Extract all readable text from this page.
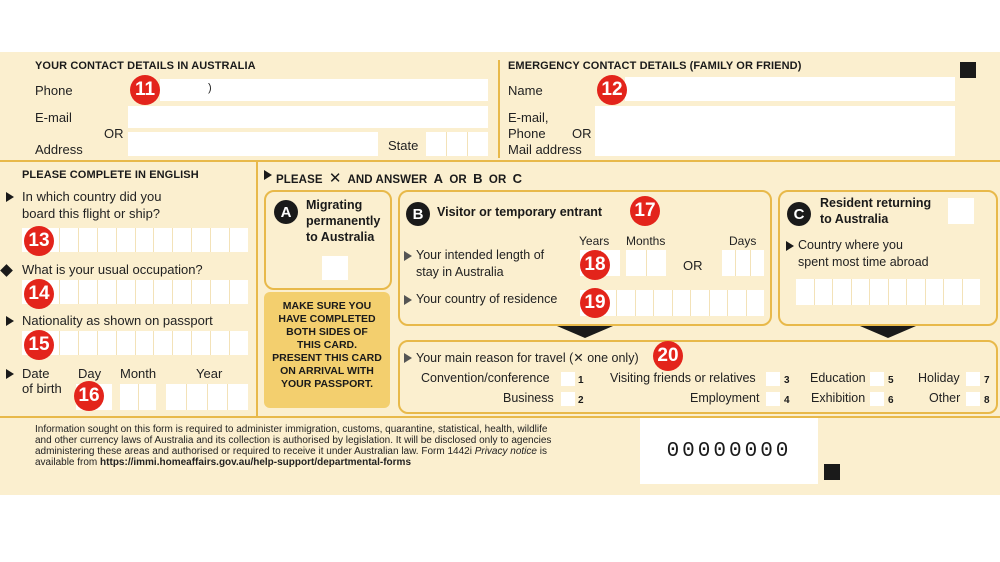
YOUR CONTACT DETAILS IN AUSTRALIA
Phone	)
11
E-mail
OR
Address	State
EMERGENCY CONTACT DETAILS (FAMILY OR FRIEND)
Name	12
E-mail,
Phone OR
Mail address
PLEASE COMPLETE IN ENGLISH
In which country did you
board this flight or ship?
13
What is your usual occupation?
14
Nationality as shown on passport
15
Date
of birth
Day Month	Year
16
PLEASE ✕ AND ANSWER A OR B OR C
A	Migrating
permanently
to Australia
MAKE SURE YOU
HAVE COMPLETED
BOTH SIDES OF
THIS CARD.
PRESENT THIS CARD
ON ARRIVAL WITH
YOUR PASSPORT.
B	Visitor or temporary entrant 17
Years Months	Days
Your intended length of
stay in Australia	18	OR
Your country of residence 19
C
Resident returning
to Australia
Country where you
spent most time abroad
Your main reason for travel (✕ one only) 20
Convention/conference	1
Business 2
Visiting friends or relatives	3
Employment 4
Education 5
Exhibition 6
Holiday 7
Other 8
Information sought on this form is required to administer immigration, customs, quarantine, statistical, health, wildlife
and other currency laws of Australia and its collection is authorised by legislation. It will be disclosed only to agencies
administering these areas and authorised or required to receive it under Australian law. Form 1442i Privacy notice is
available from https://immi.homeaffairs.gov.au/help-support/departmental-forms	00000000
